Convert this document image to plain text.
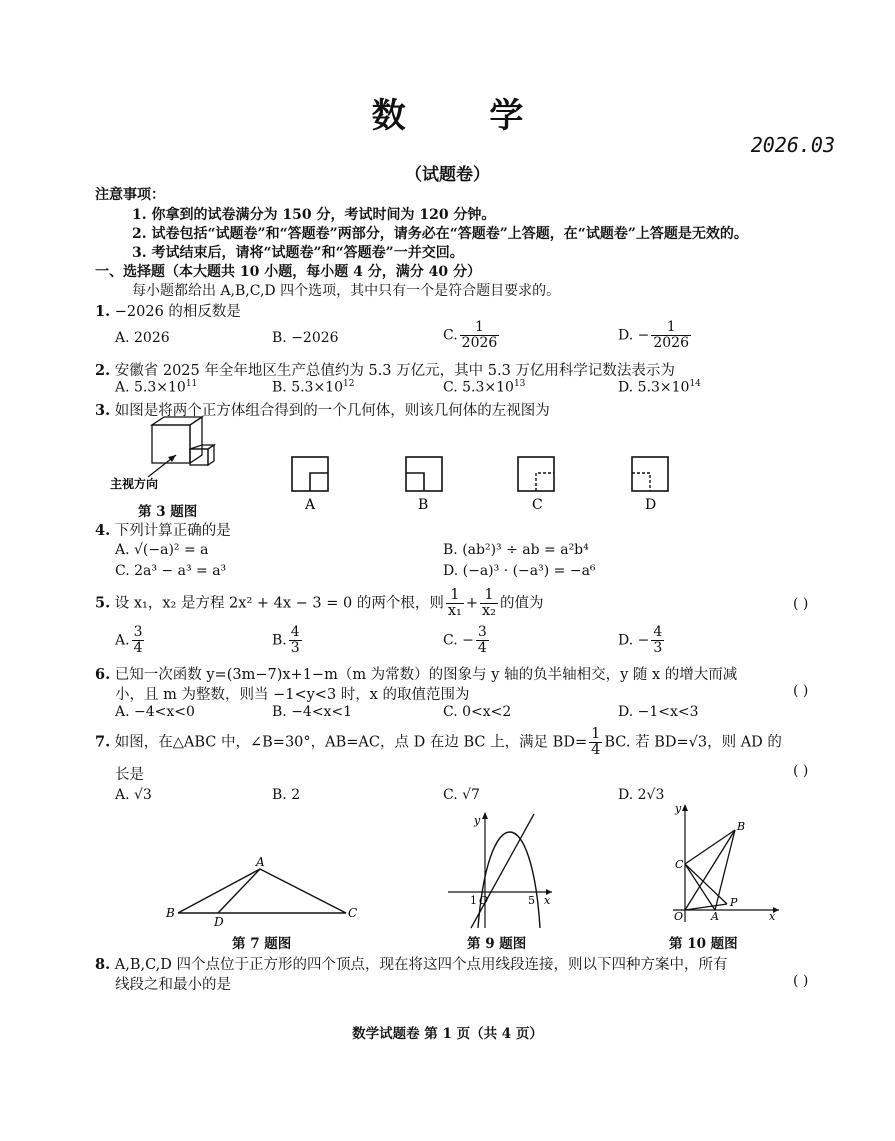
数 学
2026.03
（试题卷）
注意事项：
1. 你拿到的试卷满分为 150 分，考试时间为 120 分钟。
2. 试卷包括“试题卷”和“答题卷”两部分，请务必在“答题卷”上答题，在“试题卷”上答题是无效的。
3. 考试结束后，请将“试题卷”和“答题卷”一并交回。
一、选择题（本大题共 10 小题，每小题 4 分，满分 40 分）
每小题都给出 A,B,C,D 四个选项，其中只有一个是符合题目要求的。
1. −2026 的相反数是
A. 2026	B. −2026	C. $\frac{1}{2026}$	D. − $\frac{1}{2026}$
2. 安徽省 2025 年全年地区生产总值约为 5.3 万亿元，其中 5.3 万亿用科学记数法表示为
A. $5.3\times 10^{11}$	B. $5.3\times 10^{12}$	C. $5.3\times 10^{13}$	D. $5.3\times 10^{14}$
3. 如图是将两个正方体组合得到的一个几何体，则该几何体的左视图为
主视方向
第 3 题图	A	B	C	D
4. 下列计算正确的是
A. √(−a)² = a	B. (ab²)³ ÷ ab = a²b⁴
C. 2a³ − a³ = a³	D. (−a)³ · (−a³) = −a⁶
5. 设 x₁，x₂ 是方程 2x² + 4x − 3 = 0 的两个根，则 $\frac{1}{\text{x₁}} + \frac{1}{\text{x₂}}$ 的值为	( )
A. $\frac{3}{4}$	B. $\frac{4}{3}$	C. − $\frac{3}{4}$	D. − $\frac{4}{3}$
6. 已知一次函数 y=(3m−7)x+1−m（m 为常数）的图象与 y 轴的负半轴相交，y 随 x 的增大而减
小，且 m 为整数，则当 −1<y<3 时，x 的取值范围为	( )
A. −4<x<0	B. −4<x<1	C. 0<x<2	D. −1<x<3
7. 如图，在△ABC 中，∠B=30°，AB=AC，点 D 在边 BC 上，满足 $BD= \frac{1}{4}$ BC. 若 BD=√3，则 AD 的
长是	( )
A. √3	B. 2	C. √7	D. 2√3
A
B
D
C
第 7 题图
y
1 O	5 x
第 9 题图
y
B
C
P
O	A	x
第 10 题图
8. A,B,C,D 四个点位于正方形的四个顶点，现在将这四个点用线段连接，则以下四种方案中，所有
线段之和最小的是	( )
数学试题卷 第 1 页（共 4 页）
